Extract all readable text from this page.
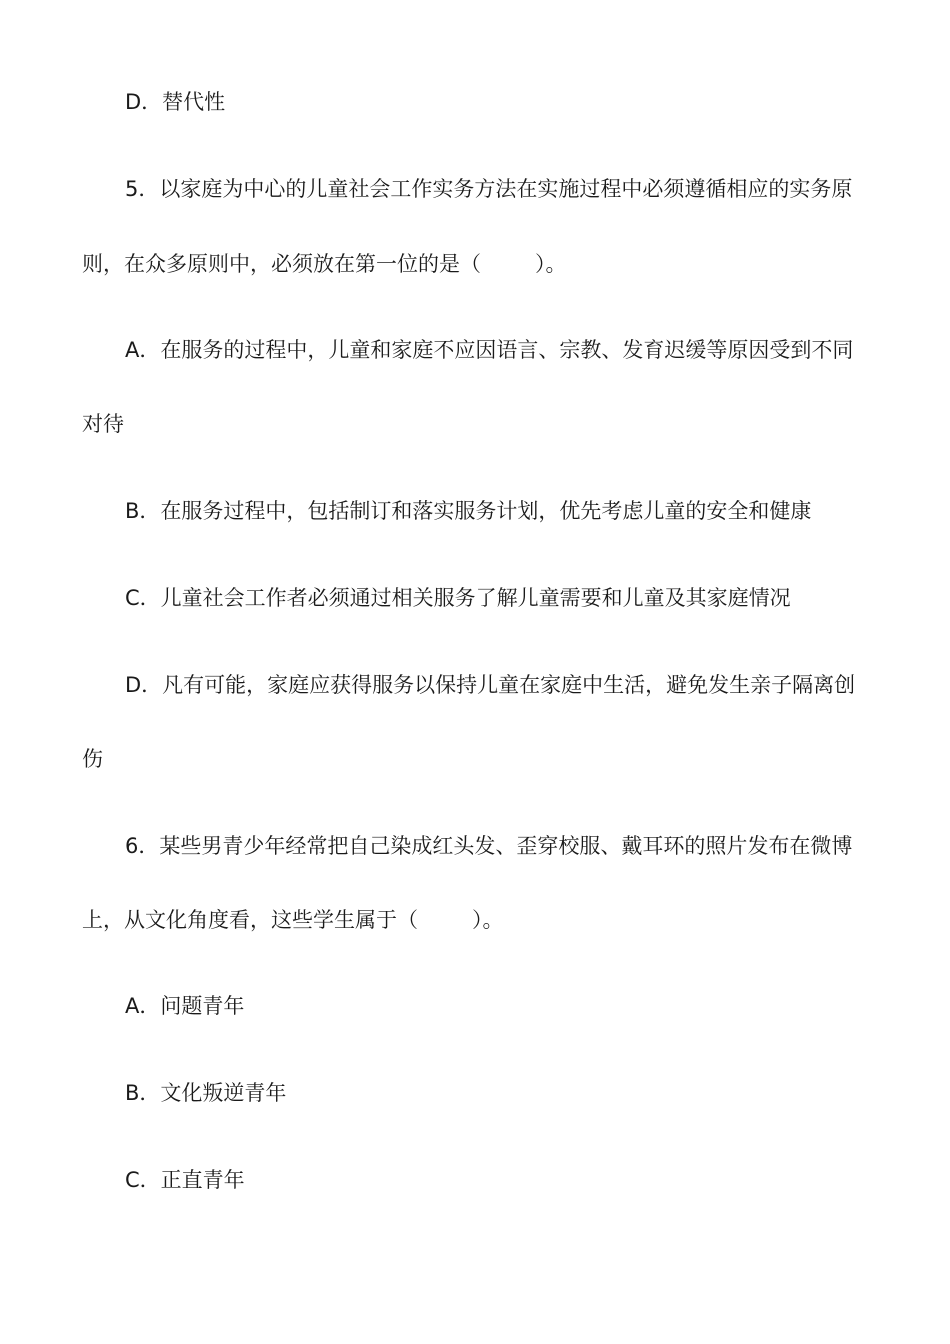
D．替代性
5．以家庭为中心的儿童社会工作实务方法在实施过程中必须遵循相应的实务原
则，在众多原则中，必须放在第一位的是（	）。
A．在服务的过程中，儿童和家庭不应因语言、宗教、发育迟缓等原因受到不同
对待
B．在服务过程中，包括制订和落实服务计划，优先考虑儿童的安全和健康
C．儿童社会工作者必须通过相关服务了解儿童需要和儿童及其家庭情况
D．凡有可能，家庭应获得服务以保持儿童在家庭中生活，避免发生亲子隔离创
伤
6．某些男青少年经常把自己染成红头发、歪穿校服、戴耳环的照片发布在微博
上，从文化角度看，这些学生属于（	）。
A．问题青年
B．文化叛逆青年
C．正直青年
